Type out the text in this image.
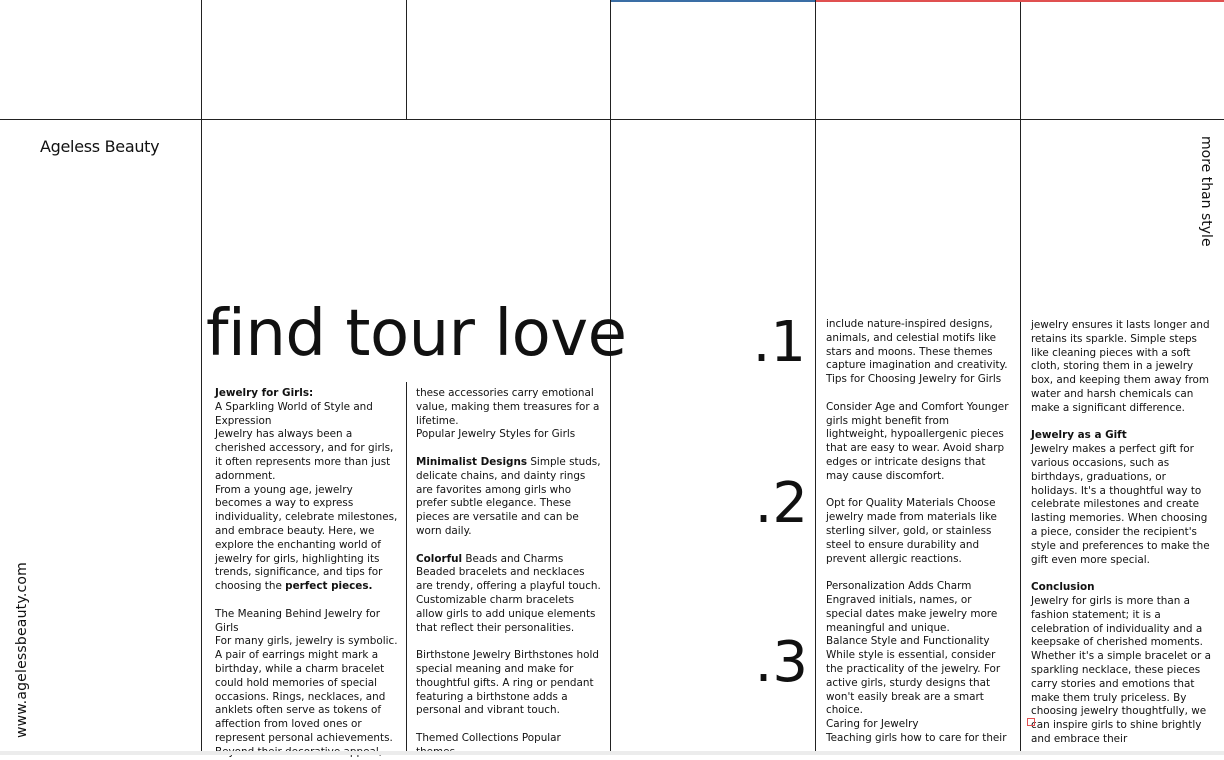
Ageless Beauty
www.agelessbeauty.com
more than style
find tour love .1
.2
.3

Jewelry for Girls:

A Sparkling World of Style and Expression

Jewelry has always been a cherished accessory, and for girls, it often represents more than just adornment.

From a young age, jewelry becomes a way to express individuality, celebrate milestones, and embrace beauty. Here, we explore the enchanting world of jewelry for girls, highlighting its trends, significance, and tips for choosing the perfect pieces.

The Meaning Behind Jewelry for Girls

For many girls, jewelry is symbolic. A pair of earrings might mark a birthday, while a charm bracelet could hold memories of special occasions. Rings, necklaces, and anklets often serve as tokens of affection from loved ones or represent personal achievements.

these accessories carry emotional value, making them treasures for a lifetime.

Popular Jewelry Styles for Girls

Minimalist Designs Simple studs, delicate chains, and dainty rings are favorites among girls who prefer subtle elegance. These pieces are versatile and can be worn daily.

Colorful Beads and Charms Beaded bracelets and necklaces are trendy, offering a playful touch. Customizable charm bracelets allow girls to add unique elements that reflect their personalities.

Birthstone Jewelry Birthstones hold special meaning and make for thoughtful gifts. A ring or pendant featuring a birthstone adds a personal and vibrant touch.

Themed Collections Popular

include nature-inspired designs, animals, and celestial motifs like stars and moons. These themes capture imagination and creativity.

Tips for Choosing Jewelry for Girls

Consider Age and Comfort Younger girls might benefit from lightweight, hypoallergenic pieces that are easy to wear. Avoid sharp edges or intricate designs that may cause discomfort.

Opt for Quality Materials Choose jewelry made from materials like sterling silver, gold, or stainless steel to ensure durability and prevent allergic reactions.

Personalization Adds Charm Engraved initials, names, or special dates make jewelry more meaningful and unique.

Balance Style and Functionality While style is essential, consider the practicality of the jewelry. For active girls, sturdy designs that won't easily break are a smart choice.

Caring for Jewelry

Teaching girls how to care for their

jewelry ensures it lasts longer and retains its sparkle. Simple steps like cleaning pieces with a soft cloth, storing them in a jewelry box, and keeping them away from water and harsh chemicals can make a significant difference.

Jewelry as a Gift

Jewelry makes a perfect gift for various occasions, such as birthdays, graduations, or holidays. It's a thoughtful way to celebrate milestones and create lasting memories. When choosing a piece, consider the recipient's style and preferences to make the gift even more special.

Conclusion

Jewelry for girls is more than a fashion statement; it is a celebration of individuality and a keepsake of cherished moments. Whether it's a simple bracelet or a sparkling necklace, these pieces carry stories and emotions that make them truly priceless. By choosing jewelry thoughtfully, we can inspire girls to shine brightly and embrace their
